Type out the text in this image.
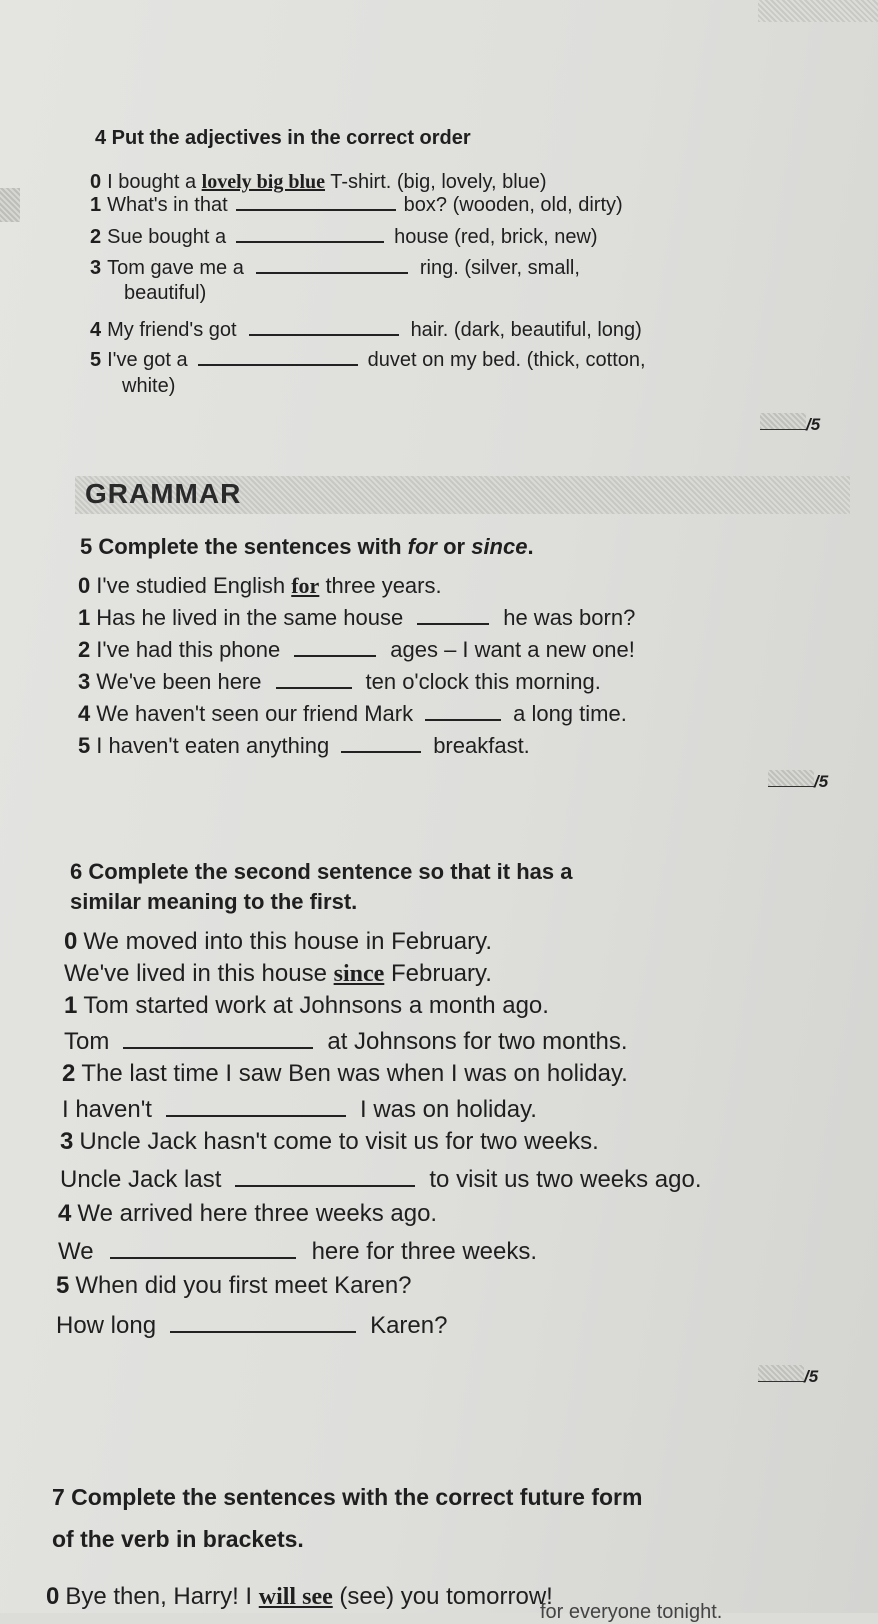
4 Put the adjectives in the correct order
0 I bought a lovely big blue T-shirt. (big, lovely, blue)
1 What's in that	box? (wooden, old, dirty)
2 Sue bought a	house (red, brick, new)
3 Tom gave me a	ring. (silver, small,
beautiful)
4 My friend's got	hair. (dark, beautiful, long)
5 I've got a	duvet on my bed. (thick, cotton,
white)
/5
GRAMMAR
5 Complete the sentences with for or since.
0 I've studied English for three years.
1 Has he lived in the same house	he was born?
2 I've had this phone	ages – I want a new one!
3 We've been here	ten o'clock this morning.
4 We haven't seen our friend Mark	a long time.
5 I haven't eaten anything	breakfast.
/5
6 Complete the second sentence so that it has a
similar meaning to the first.
0 We moved into this house in February.
We've lived in this house since February.
1 Tom started work at Johnsons a month ago.
Tom	at Johnsons for two months.
2 The last time I saw Ben was when I was on holiday.
I haven't	I was on holiday.
3 Uncle Jack hasn't come to visit us for two weeks.
Uncle Jack last	to visit us two weeks ago.
4 We arrived here three weeks ago.
We	here for three weeks.
5 When did you first meet Karen?
How long	Karen?
/5
7 Complete the sentences with the correct future form
of the verb in brackets.
0 Bye then, Harry! I will see (see) you tomorrow!
for everyone tonight.
